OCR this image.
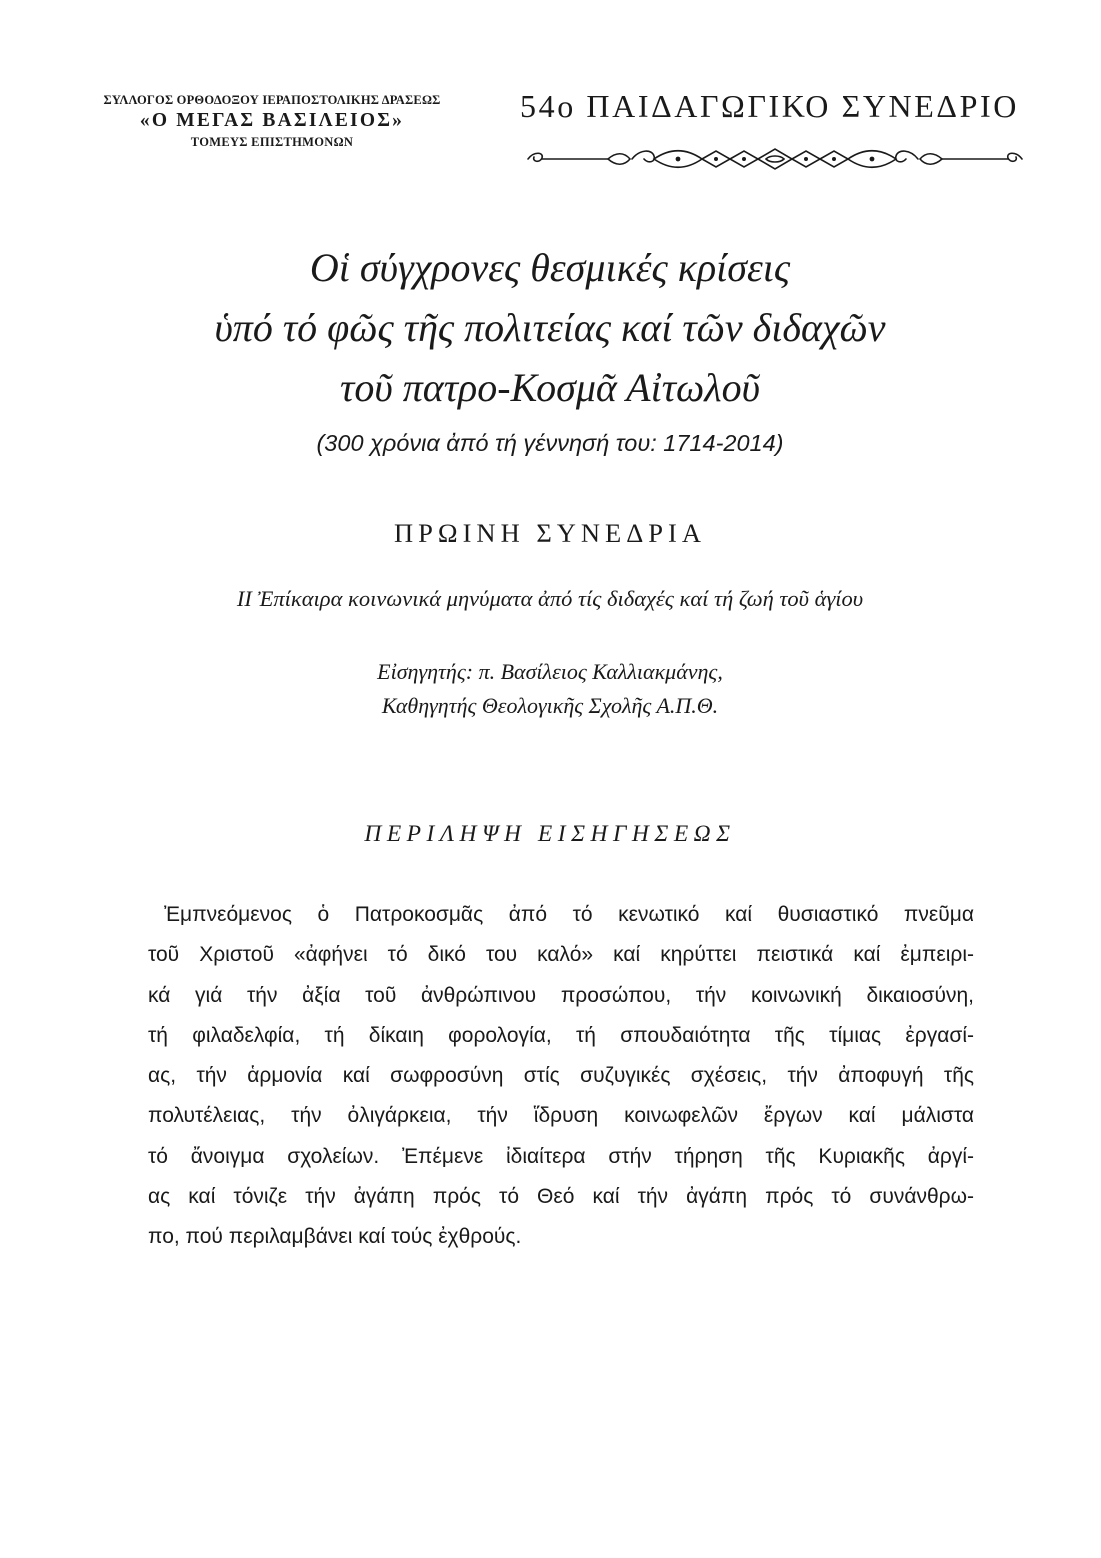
ΣΥΛΛΟΓΟΣ ΟΡΘΟΔΟΞΟΥ ΙΕΡΑΠΟΣΤΟΛΙΚΗΣ ΔΡΑΣΕΩΣ
«Ο ΜΕΓΑΣ ΒΑΣΙΛΕΙΟΣ»
ΤΟΜΕΥΣ ΕΠΙΣΤΗΜΟΝΩΝ
54ο ΠΑΙΔΑΓΩΓΙΚΟ ΣΥΝΕΔΡΙΟ
Οἱ σύγχρονες θεσμικές κρίσεις
ὑπό τό φῶς τῆς πολιτείας καί τῶν διδαχῶν
τοῦ πατρο-Κοσμᾶ Αἰτωλοῦ
(300 χρόνια ἀπό τή γέννησή του: 1714-2014)
ΠΡΩΙΝΗ ΣΥΝΕΔΡΙΑ
ΙΙ Ἐπίκαιρα κοινωνικά μηνύματα ἀπό τίς διδαχές καί τή ζωή τοῦ ἁγίου
Εἰσηγητής: π. Βασίλειος Καλλιακμάνης,
Καθηγητής Θεολογικῆς Σχολῆς Α.Π.Θ.
ΠΕΡΙΛΗΨΗ ΕΙΣΗΓΗΣΕΩΣ
Ἐμπνεόμενος ὁ Πατροκοσμᾶς ἀπό τό κενωτικό καί θυσιαστικό πνεῦμα
τοῦ Χριστοῦ «ἀφήνει τό δικό του καλό» καί κηρύττει πειστικά καί ἐμπειρι-
κά γιά τήν ἀξία τοῦ ἀνθρώπινου προσώπου, τήν κοινωνική δικαιοσύνη,
τή φιλαδελφία, τή δίκαιη φορολογία, τή σπουδαιότητα τῆς τίμιας ἐργασί-
ας, τήν ἁρμονία καί σωφροσύνη στίς συζυγικές σχέσεις, τήν ἀποφυγή τῆς
πολυτέλειας, τήν ὀλιγάρκεια, τήν ἵδρυση κοινωφελῶν ἔργων καί μάλιστα
τό ἄνοιγμα σχολείων. Ἐπέμενε ἰδιαίτερα στήν τήρηση τῆς Κυριακῆς ἀργί-
ας καί τόνιζε τήν ἀγάπη πρός τό Θεό καί τήν ἀγάπη πρός τό συνάνθρω-
πο, πού περιλαμβάνει καί τούς ἐχθρούς.
